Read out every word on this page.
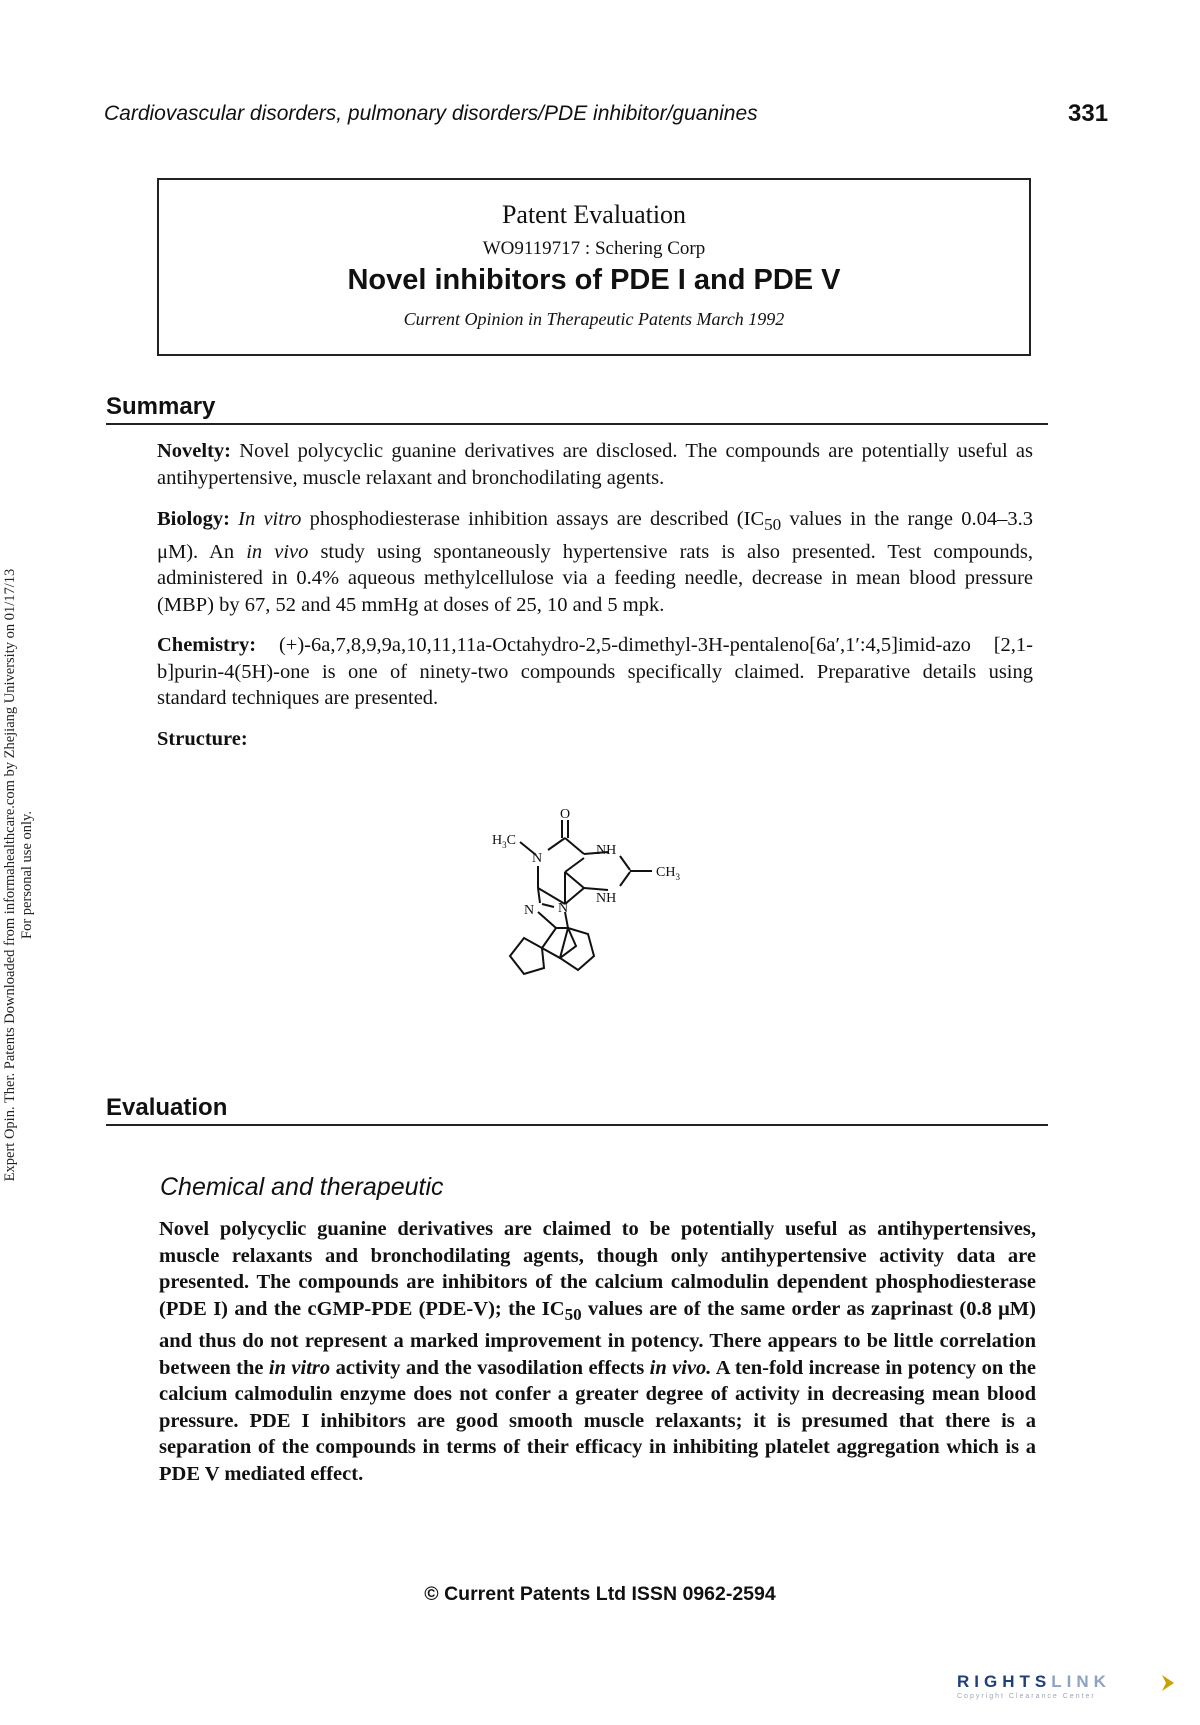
Cardiovascular disorders, pulmonary disorders/PDE inhibitor/guanines	331
Expert Opin. Ther. Patents Downloaded from informahealthcare.com by Zhejiang University on 01/17/13 For personal use only.
Patent Evaluation
WO9119717 : Schering Corp
Novel inhibitors of PDE I and PDE V
Current Opinion in Therapeutic Patents March 1992
Summary

Novelty: Novel polycyclic guanine derivatives are disclosed. The compounds are potentially useful as antihypertensive, muscle relaxant and bronchodilating agents.

Biology: In vitro phosphodiesterase inhibition assays are described ($IC_{50}$ values in the range 0.04–3.3 μM). An in vivo study using spontaneously hypertensive rats is also presented. Test compounds, administered in 0.4% aqueous methylcellulose via a feeding needle, decrease in mean blood pressure (MBP) by 67, 52 and 45 mmHg at doses of 25, 10 and 5 mpk.

Chemistry: (+)-6a,7,8,9,9a,10,11,11a-Octahydro-2,5-dimethyl-3H-pentaleno[6a′,1′:4,5]imid-azo [2,1-b]purin-4(5H)-one is one of ninety-two compounds specifically claimed. Preparative details using standard techniques are presented.

Structure:

O
$H_3C$
N
NH
NH
$CH_3$
N N
Evaluation
Chemical and therapeutic

Novel polycyclic guanine derivatives are claimed to be potentially useful as antihypertensives, muscle relaxants and bronchodilating agents, though only antihypertensive activity data are presented. The compounds are inhibitors of the calcium calmodulin dependent phosphodiesterase (PDE I) and the cGMP-PDE (PDE-V); the $IC_{50}$ values are of the same order as zaprinast (0.8 μM) and thus do not represent a marked improvement in potency. There appears to be little correlation between the in vitro activity and the vasodilation effects in vivo. A ten-fold increase in potency on the calcium calmodulin enzyme does not confer a greater degree of activity in decreasing mean blood pressure. PDE I inhibitors are good smooth muscle relaxants; it is presumed that there is a separation of the compounds in terms of their efficacy in inhibiting platelet aggregation which is a PDE V mediated effect.

© Current Patents Ltd ISSN 0962-2594
RIGHTSLINK
Copyright Clearance Center
